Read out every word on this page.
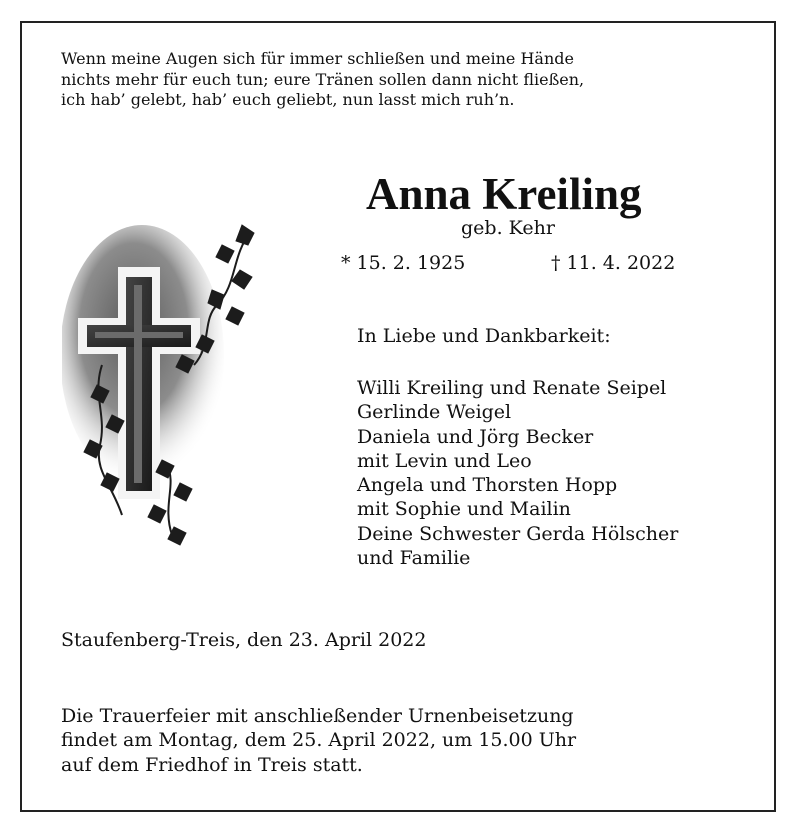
Wenn meine Augen sich für immer schließen und meine Hände
nichts mehr für euch tun; eure Tränen sollen dann nicht fließen,
ich hab’ gelebt, hab’ euch geliebt, nun lasst mich ruh’n.
Anna Kreiling
geb. Kehr
* 15. 2. 1925	† 11. 4. 2022
In Liebe und Dankbarkeit:
Willi Kreiling und Renate Seipel
Gerlinde Weigel
Daniela und Jörg Becker
mit Levin und Leo
Angela und Thorsten Hopp
mit Sophie und Mailin
Deine Schwester Gerda Hölscher
und Familie
Staufenberg-Treis, den 23. April 2022
Die Trauerfeier mit anschließender Urnenbeisetzung
findet am Montag, dem 25. April 2022, um 15.00 Uhr
auf dem Friedhof in Treis statt.
